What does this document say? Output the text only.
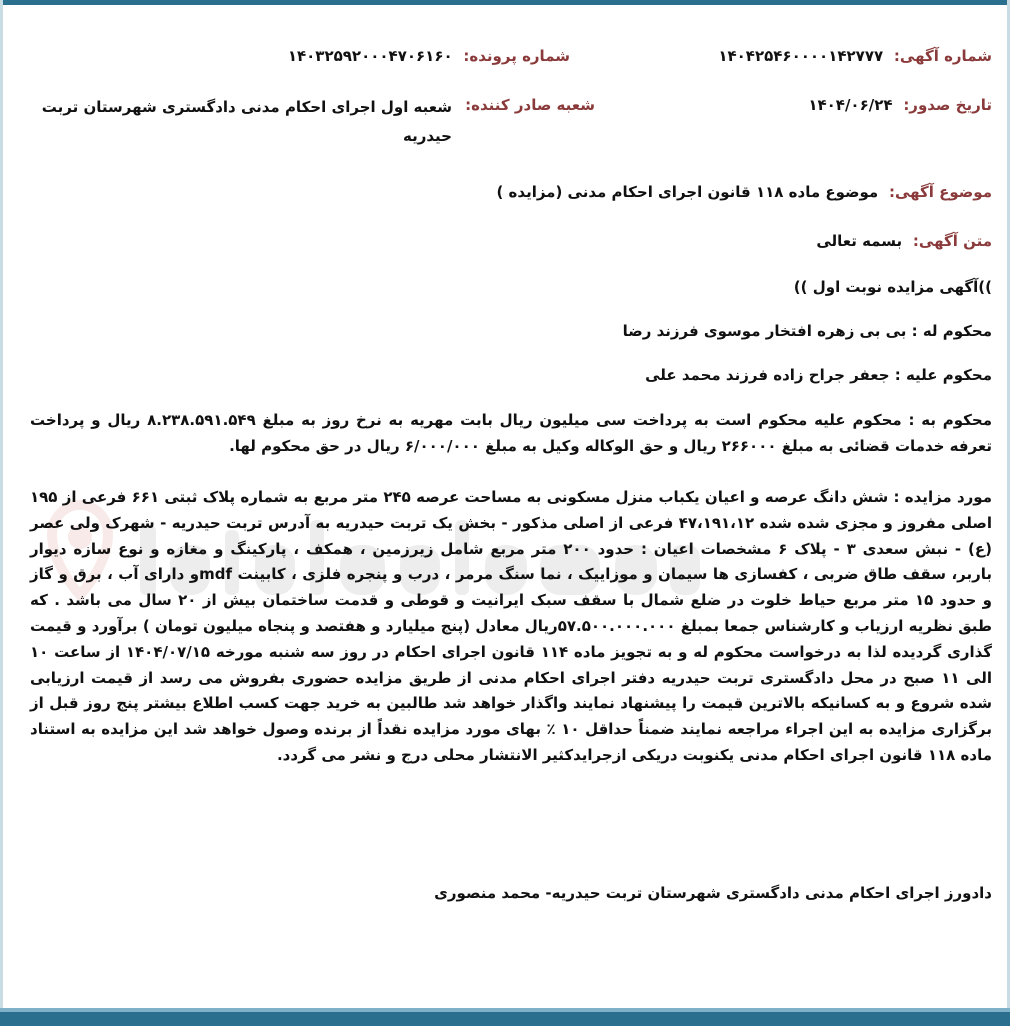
شماره آگهی: ۱۴۰۴۲۵۴۶۰۰۰۰۱۴۲۷۷۷
شماره پرونده: ۱۴۰۳۲۵۹۲۰۰۰۴۷۰۶۱۶۰
تاریخ صدور: ۱۴۰۴/۰۶/۲۴
شعبه صادر کننده:
شعبه اول اجرای احکام مدنی دادگستری شهرستان تربت
حیدریه
موضوع آگهی: موضوع ماده ۱۱۸ قانون اجرای احکام مدنی (مزایده )
متن آگهی: بسمه تعالی
))آگهی مزایده نوبت اول ))
محکوم له : بی بی زهره افتخار موسوی فرزند رضا
محکوم علیه : جعفر جراح زاده فرزند محمد علی
محکوم به : محکوم علیه محکوم است به پرداخت سی میلیون ریال بابت مهریه به نرخ روز به مبلغ ۸.۲۳۸.۵۹۱.۵۴۹ ریال و پرداخت تعرفه خدمات قضائی به مبلغ ۲۶۶۰۰۰ ریال و حق الوکاله وکیل به مبلغ ۶/۰۰۰/۰۰۰ ریال در حق محکوم لها.
مورد مزایده : شش دانگ عرصه و اعیان یکباب منزل مسکونی به مساحت عرصه ۲۴۵ متر مربع به شماره پلاک ثبتی ۶۶۱ فرعی از ۱۹۵ اصلی مفروز و مجزی شده شده ۴۷،۱۹۱،۱۲ فرعی از اصلی مذکور - بخش یک تربت حیدریه به آدرس تربت حیدریه - شهرک ولی عصر (ع) - نبش سعدی ۳ - پلاک ۶ مشخصات اعیان : حدود ۲۰۰ متر مربع شامل زیرزمین ، همکف ، پارکینگ و مغازه و نوع سازه دیوار باربر، سقف طاق ضربی ، کفسازی ها سیمان و موزاییک ، نما سنگ مرمر ، درب و پنجره فلزی ، کابینت mdfو دارای آب ، برق و گاز و حدود ۱۵ متر مربع حیاط خلوت در ضلع شمال با سقف سبک ایرانیت و قوطی و قدمت ساختمان بیش از ۲۰ سال می باشد . که طبق نظریه ارزیاب و کارشناس جمعا بمبلغ ۵۷.۵۰۰.۰۰۰.۰۰۰ریال معادل (پنج میلیارد و هفتصد و پنجاه میلیون تومان ) برآورد و قیمت گذاری گردیده لذا به درخواست محکوم له و به تجویز ماده ۱۱۴ قانون اجرای احکام در روز سه شنبه مورخه ۱۴۰۴/۰۷/۱۵ از ساعت ۱۰ الی ۱۱ صبح در محل دادگستری تربت حیدریه دفتر اجرای احکام مدنی از طریق مزایده حضوری بفروش می رسد از قیمت ارزیابی شده شروع و به کسانیکه بالاترین قیمت را پیشنهاد نمایند واگذار خواهد شد طالبین به خرید جهت کسب اطلاع بیشتر پنج روز قبل از برگزاری مزایده به این اجراء مراجعه نمایند ضمناً حداقل ۱۰ ٪ بهای مورد مزایده نقداً از برنده وصول خواهد شد این مزایده به استناد ماده ۱۱۸ قانون اجرای احکام مدنی یکنوبت دریکی ازجرایدکثیر الانتشار محلی درج و نشر می گردد.
دادورز اجرای احکام مدنی دادگستری شهرستان تربت حیدریه- محمد منصوری
